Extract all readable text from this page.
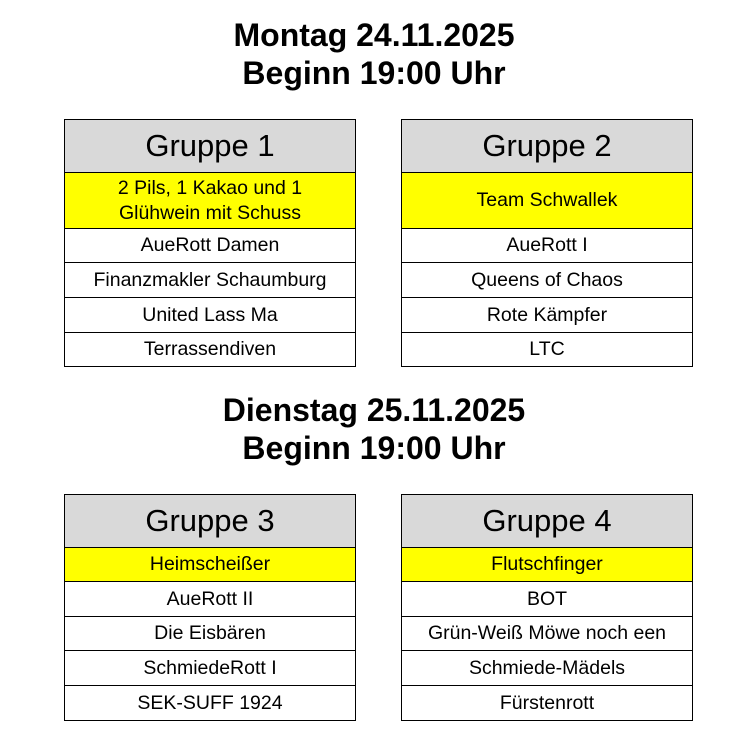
Montag 24.11.2025
Beginn 19:00 Uhr
Gruppe 1
2 Pils, 1 Kakao und 1
Glühwein mit Schuss
AueRott Damen
Finanzmakler Schaumburg
United Lass Ma
Terrassendiven
Gruppe 2
Team Schwallek
AueRott I
Queens of Chaos
Rote Kämpfer
LTC
Dienstag 25.11.2025
Beginn 19:00 Uhr
Gruppe 3
Heimscheißer
AueRott II
Die Eisbären
SchmiedeRott I
SEK-SUFF 1924
Gruppe 4
Flutschfinger
BOT
Grün-Weiß Möwe noch een
Schmiede-Mädels
Fürstenrott
